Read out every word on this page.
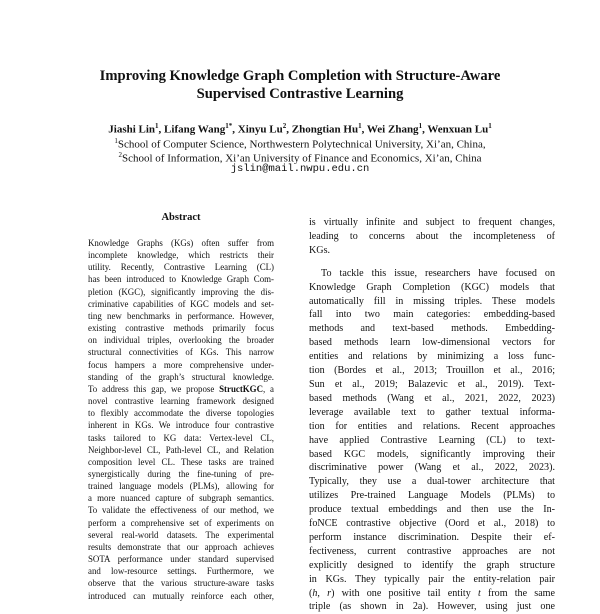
Improving Knowledge Graph Completion with Structure-Aware
Supervised Contrastive Learning
Jiashi Lin$^1$, Lifang Wang$^{1*}$, Xinyu Lu$^2$, Zhongtian Hu$^1$, Wei Zhang$^1$, Wenxuan Lu$^1$
$^1$School of Computer Science, Northwestern Polytechnical University, Xi’an, China,
$^2$School of Information, Xi’an University of Finance and Economics, Xi’an, China
jslin@mail.nwpu.edu.cn
Abstract
Knowledge Graphs (KGs) often suffer from
incomplete knowledge, which restricts their
utility. Recently, Contrastive Learning (CL)
has been introduced to Knowledge Graph Com-
pletion (KGC), significantly improving the dis-
criminative capabilities of KGC models and set-
ting new benchmarks in performance. However,
existing contrastive methods primarily focus
on individual triples, overlooking the broader
structural connectivities of KGs. This narrow
focus hampers a more comprehensive under-
standing of the graph’s structural knowledge.
To address this gap, we propose StructKGC, a
novel contrastive learning framework designed
to flexibly accommodate the diverse topologies
inherent in KGs. We introduce four contrastive
tasks tailored to KG data: Vertex-level CL,
Neighbor-level CL, Path-level CL, and Relation
composition level CL. These tasks are trained
synergistically during the fine-tuning of pre-
trained language models (PLMs), allowing for
a more nuanced capture of subgraph semantics.
To validate the effectiveness of our method, we
perform a comprehensive set of experiments on
several real-world datasets. The experimental
results demonstrate that our approach achieves
SOTA performance under standard supervised
and low-resource settings. Furthermore, we
observe that the various structure-aware tasks
introduced can mutually reinforce each other,
is virtually infinite and subject to frequent changes,
leading to concerns about the incompleteness of
KGs.
To tackle this issue, researchers have focused on
Knowledge Graph Completion (KGC) models that
automatically fill in missing triples. These models
fall into two main categories: embedding-based
methods and text-based methods. Embedding-
based methods learn low-dimensional vectors for
entities and relations by minimizing a loss func-
tion (Bordes et al., 2013; Trouillon et al., 2016;
Sun et al., 2019; Balazevic et al., 2019). Text-
based methods (Wang et al., 2021, 2022, 2023)
leverage available text to gather textual informa-
tion for entities and relations. Recent approaches
have applied Contrastive Learning (CL) to text-
based KGC models, significantly improving their
discriminative power (Wang et al., 2022, 2023).
Typically, they use a dual-tower architecture that
utilizes Pre-trained Language Models (PLMs) to
produce textual embeddings and then use the In-
foNCE contrastive objective (Oord et al., 2018) to
perform instance discrimination. Despite their ef-
fectiveness, current contrastive approaches are not
explicitly designed to identify the graph structure
in KGs. They typically pair the entity-relation pair
(h, r) with one positive tail entity t from the same
triple (as shown in 2a). However, using just one
